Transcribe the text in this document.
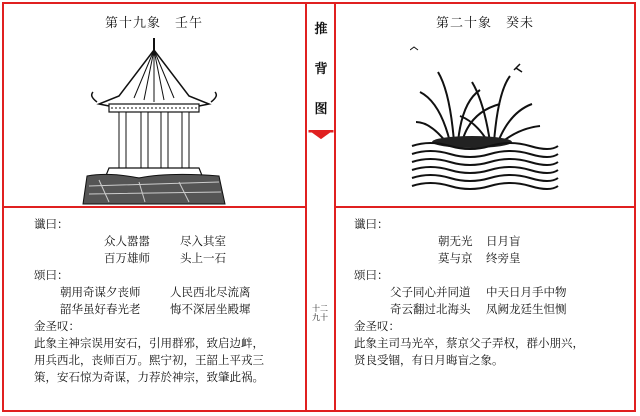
第十九象　壬午
谶曰：
众人嚣嚣	尽入其室
百万雄师	头上一石
颂曰：
朝用奇谋夕丧师	人民西北尽流离
韶华虽好春光老	悔不深居坐殿墀
金圣叹：
此象主神宗误用安石，引用群邪，致启边衅，
用兵西北，丧师百万。熙宁初，王韶上平戎三
策，安石惊为奇谋，力荐於神宗，致肇此祸。
第二十象　癸未
谶曰：
朝无光 日月盲
莫与京 终旁皇
颂曰：
父子同心并同道 中天日月手中物
奇云翻过北海头 凤阙龙廷生怛恻
金圣叹：
此象主司马光卒，蔡京父子弄权，群小朋兴，
贤良受锢，有日月晦盲之象。
推
背
图
十二
九十
